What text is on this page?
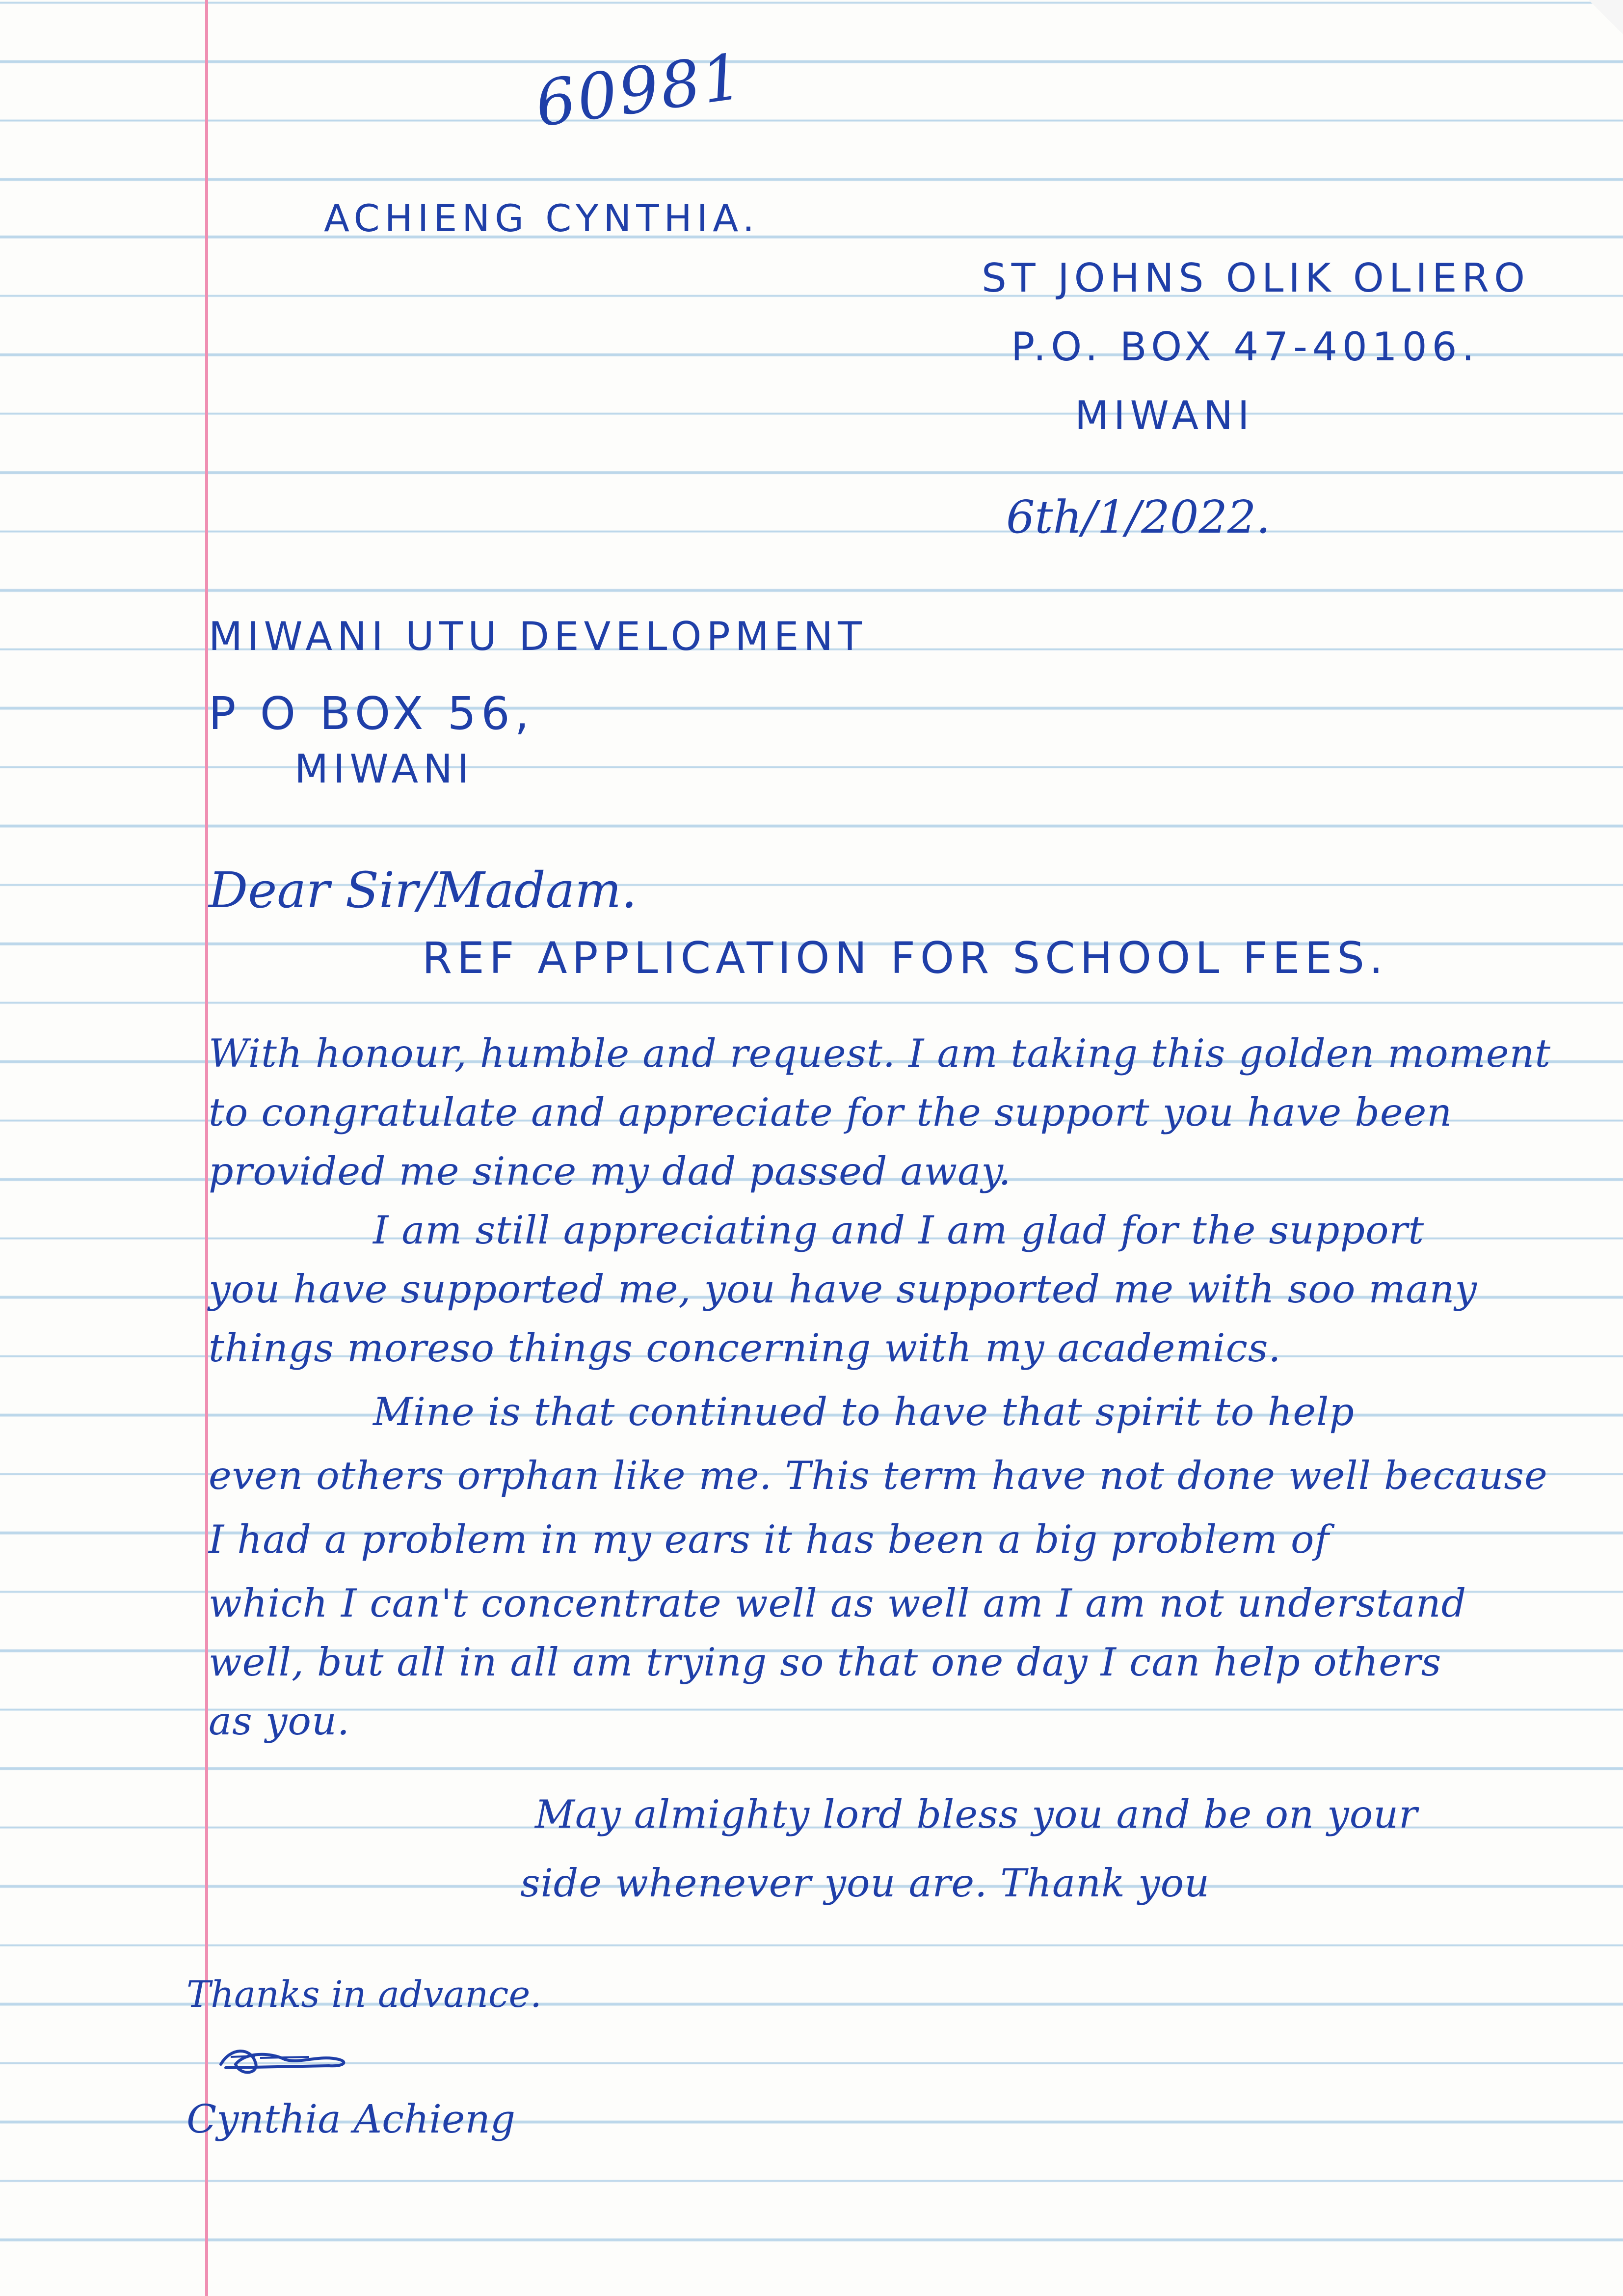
60981
ACHIENG CYNTHIA.
ST JOHNS OLIK OLIERO
P.O. BOX 47-40106.
MIWANI
6th/1/2022.
MIWANI UTU DEVELOPMENT
P O BOX 56,
MIWANI
Dear Sir/Madam.
REF APPLICATION FOR SCHOOL FEES.
With honour, humble and request. I am taking this golden moment
to congratulate and appreciate for the support you have been
provided me since my dad passed away.
I am still appreciating and I am glad for the support
you have supported me, you have supported me with soo many
things moreso things concerning with my academics.
Mine is that continued to have that spirit to help
even others orphan like me. This term have not done well because
I had a problem in my ears it has been a big problem of
which I can't concentrate well as well am I am not understand
well, but all in all am trying so that one day I can help others
as you.
May almighty lord bless you and be on your
side whenever you are. Thank you
Thanks in advance.
Cynthia Achieng
